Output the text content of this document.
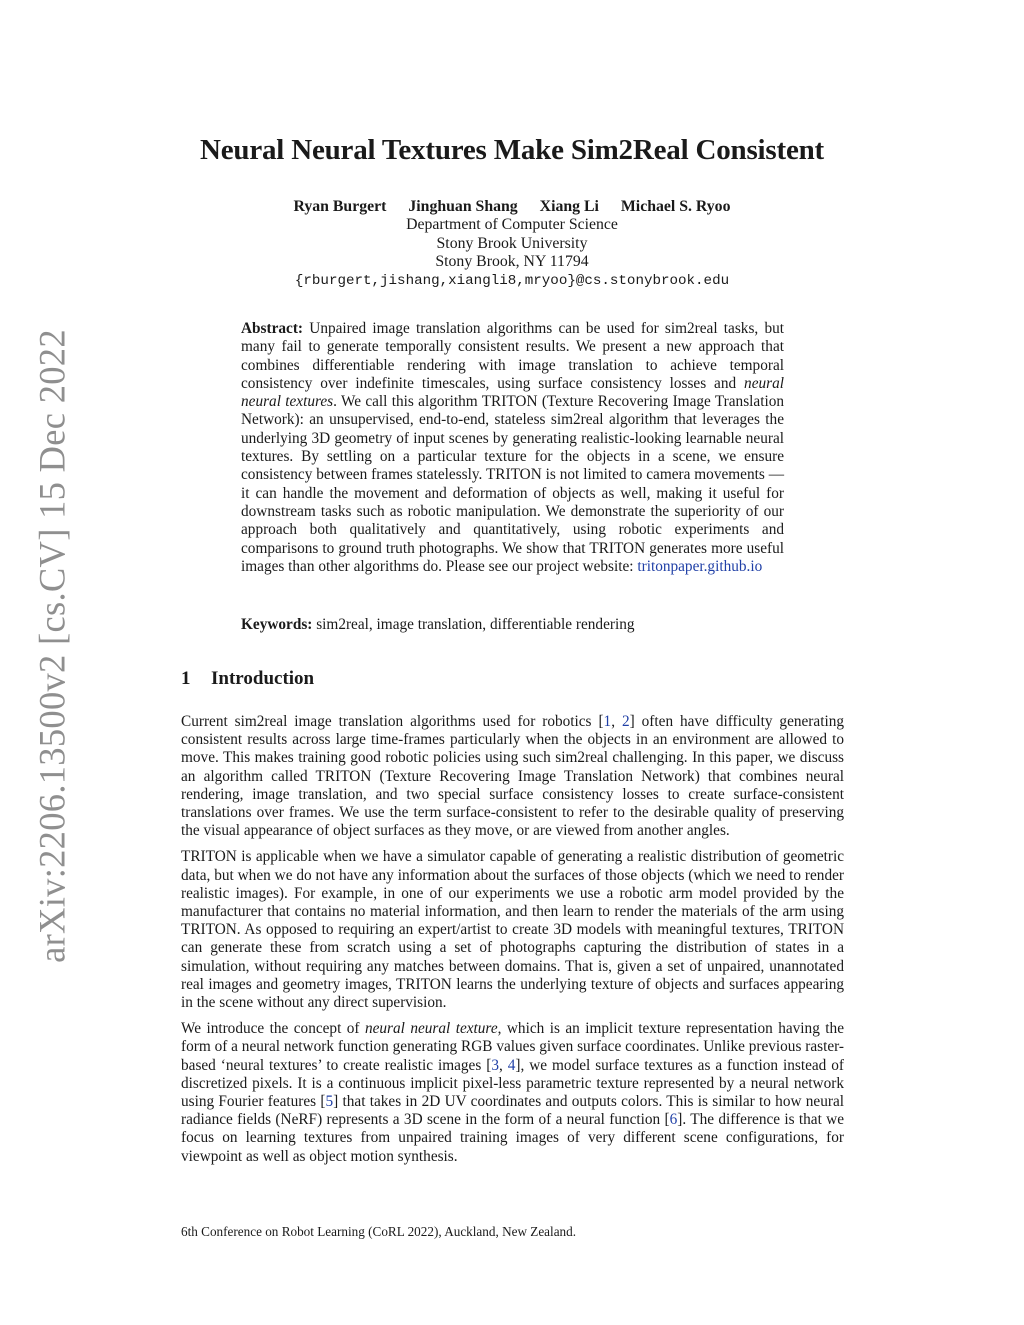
arXiv:2206.13500v2 [cs.CV] 15 Dec 2022
Neural Neural Textures Make Sim2Real Consistent
Ryan Burgert Jinghuan Shang Xiang Li Michael S. Ryoo
Department of Computer Science
Stony Brook University
Stony Brook, NY 11794
{rburgert,jishang,xiangli8,mryoo}@cs.stonybrook.edu

Abstract: Unpaired image translation algorithms can be used for sim2real tasks, but many fail to generate temporally consistent results. We present a new approach that combines differentiable rendering with image translation to achieve temporal consistency over indefinite timescales, using surface consistency losses and neural neural textures. We call this algorithm TRITON (Texture Recovering Image Translation Network): an unsupervised, end-to-end, stateless sim2real algorithm that leverages the underlying 3D geometry of input scenes by generating realistic-looking learnable neural textures. By settling on a particular texture for the objects in a scene, we ensure consistency between frames statelessly. TRITON is not limited to camera movements — it can handle the movement and deformation of objects as well, making it useful for downstream tasks such as robotic manipulation. We demonstrate the superiority of our approach both qualitatively and quantitatively, using robotic experiments and comparisons to ground truth photographs. We show that TRITON generates more useful images than other algorithms do. Please see our project website: tritonpaper.github.io

Keywords: sim2real, image translation, differentiable rendering

1 Introduction

Current sim2real image translation algorithms used for robotics [1, 2] often have difficulty generating consistent results across large time-frames particularly when the objects in an environment are allowed to move. This makes training good robotic policies using such sim2real challenging. In this paper, we discuss an algorithm called TRITON (Texture Recovering Image Translation Network) that combines neural rendering, image translation, and two special surface consistency losses to create surface-consistent translations over frames. We use the term surface-consistent to refer to the desirable quality of preserving the visual appearance of object surfaces as they move, or are viewed from another angles.

TRITON is applicable when we have a simulator capable of generating a realistic distribution of geometric data, but when we do not have any information about the surfaces of those objects (which we need to render realistic images). For example, in one of our experiments we use a robotic arm model provided by the manufacturer that contains no material information, and then learn to render the materials of the arm using TRITON. As opposed to requiring an expert/artist to create 3D models with meaningful textures, TRITON can generate these from scratch using a set of photographs capturing the distribution of states in a simulation, without requiring any matches between domains. That is, given a set of unpaired, unannotated real images and geometry images, TRITON learns the underlying texture of objects and surfaces appearing in the scene without any direct supervision.

We introduce the concept of neural neural texture, which is an implicit texture representation having the form of a neural network function generating RGB values given surface coordinates. Unlike previous raster-based ‘neural textures’ to create realistic images [3, 4], we model surface textures as a function instead of discretized pixels. It is a continuous implicit pixel-less parametric texture represented by a neural network using Fourier features [5] that takes in 2D UV coordinates and outputs colors. This is similar to how neural radiance fields (NeRF) represents a 3D scene in the form of a neural function [6]. The difference is that we focus on learning textures from unpaired training images of very different scene configurations, for viewpoint as well as object motion synthesis.

6th Conference on Robot Learning (CoRL 2022), Auckland, New Zealand.
